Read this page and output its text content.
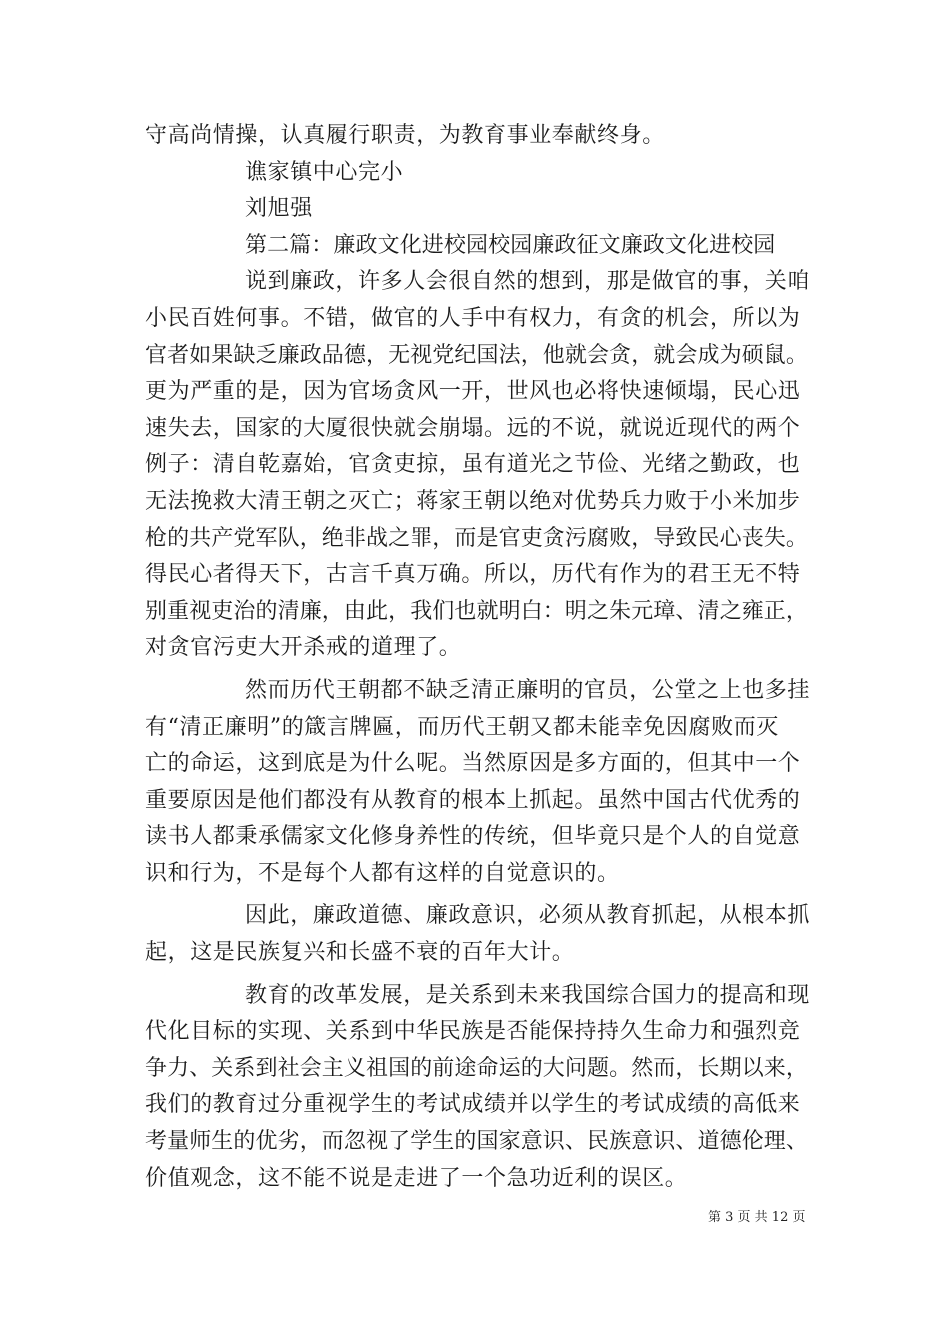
守高尚情操，认真履行职责，为教育事业奉献终身。
谯家镇中心完小
刘旭强
第二篇：廉政文化进校园校园廉政征文廉政文化进校园
说到廉政，许多人会很自然的想到，那是做官的事，关咱
小民百姓何事。不错，做官的人手中有权力，有贪的机会，所以为
官者如果缺乏廉政品德，无视党纪国法，他就会贪，就会成为硕鼠。
更为严重的是，因为官场贪风一开，世风也必将快速倾塌，民心迅
速失去，国家的大厦很快就会崩塌。远的不说，就说近现代的两个
例子：清自乾嘉始，官贪吏掠，虽有道光之节俭、光绪之勤政，也
无法挽救大清王朝之灭亡；蒋家王朝以绝对优势兵力败于小米加步
枪的共产党军队，绝非战之罪，而是官吏贪污腐败，导致民心丧失。
得民心者得天下，古言千真万确。所以，历代有作为的君王无不特
别重视吏治的清廉，由此，我们也就明白：明之朱元璋、清之雍正，
对贪官污吏大开杀戒的道理了。
然而历代王朝都不缺乏清正廉明的官员，公堂之上也多挂
有“清正廉明”的箴言牌匾，而历代王朝又都未能幸免因腐败而灭
亡的命运，这到底是为什么呢。当然原因是多方面的，但其中一个
重要原因是他们都没有从教育的根本上抓起。虽然中国古代优秀的
读书人都秉承儒家文化修身养性的传统，但毕竟只是个人的自觉意
识和行为，不是每个人都有这样的自觉意识的。
因此，廉政道德、廉政意识，必须从教育抓起，从根本抓
起，这是民族复兴和长盛不衰的百年大计。
教育的改革发展，是关系到未来我国综合国力的提高和现
代化目标的实现、关系到中华民族是否能保持持久生命力和强烈竞
争力、关系到社会主义祖国的前途命运的大问题。然而，长期以来，
我们的教育过分重视学生的考试成绩并以学生的考试成绩的高低来
考量师生的优劣，而忽视了学生的国家意识、民族意识、道德伦理、
价值观念，这不能不说是走进了一个急功近利的误区。
第 3 页 共 12 页
